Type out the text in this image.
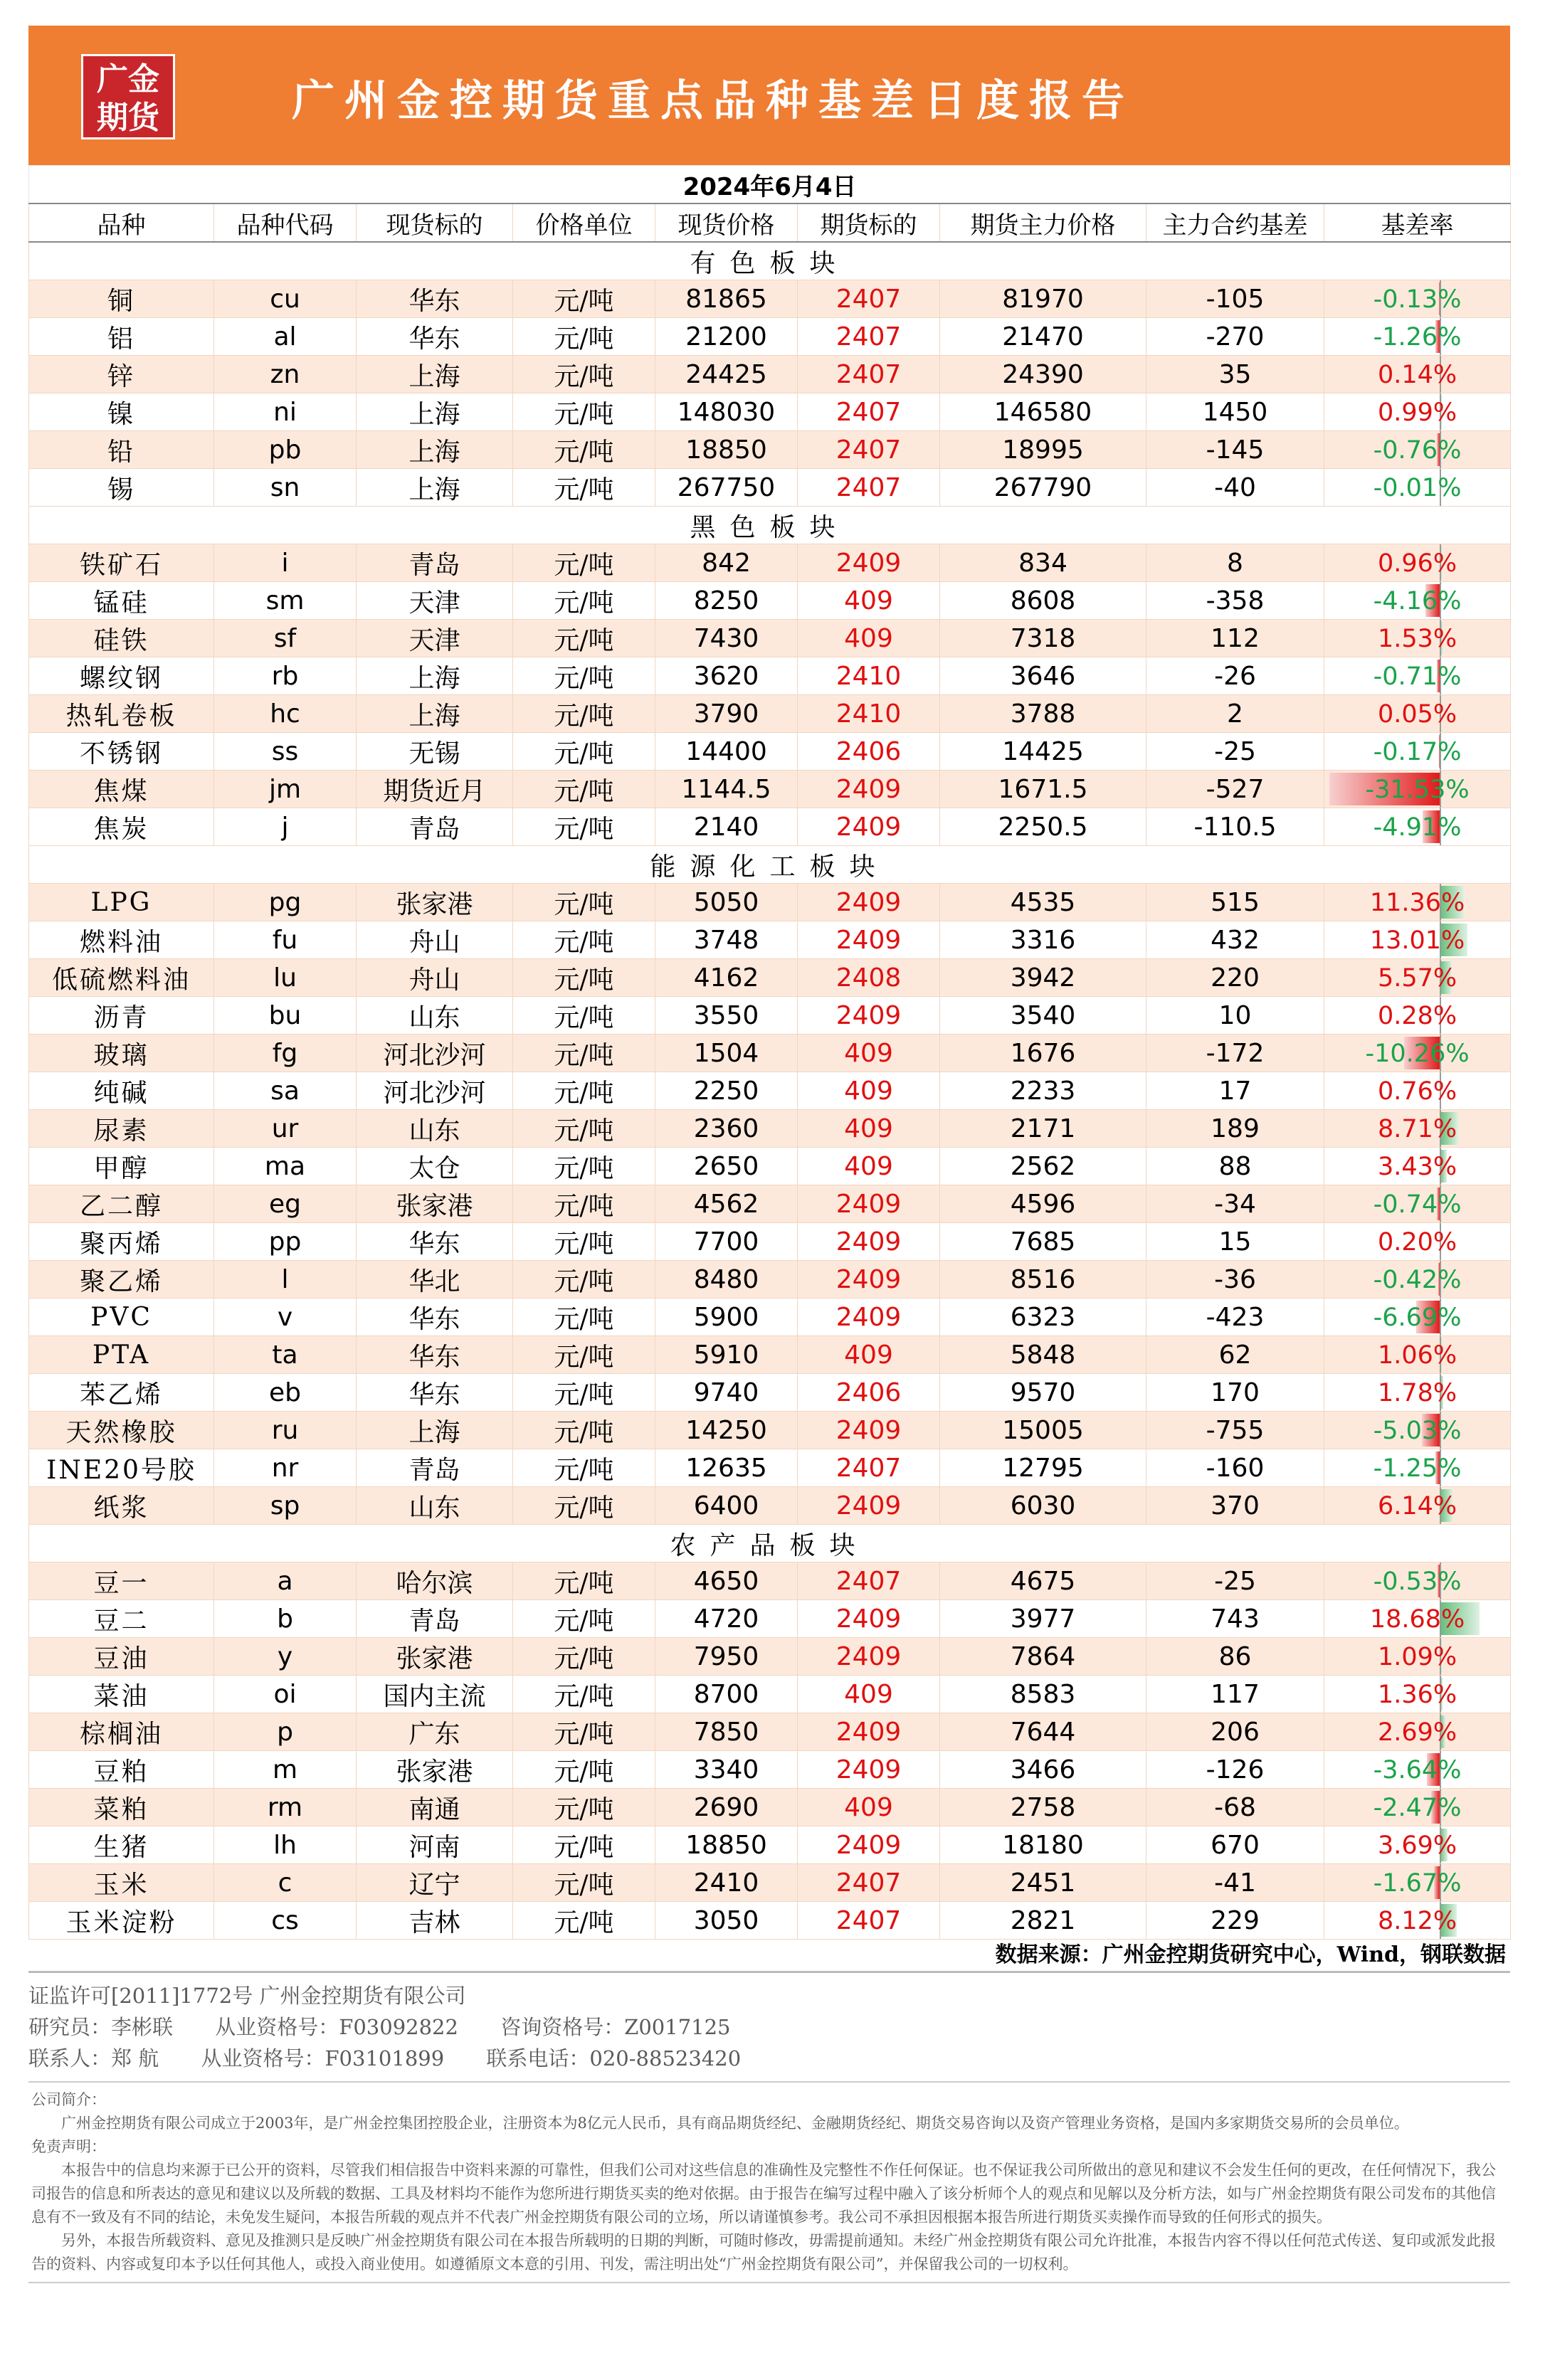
广金
期货	广州金控期货重点品种基差日度报告
2024年6月4日								
品种	品种代码	现货标的	价格单位	现货价格	期货标的	期货主力价格	主力合约基差	基差率
有色板块								
铜	cu	华东	元/吨	81865	2407	81970	-105	-0.13%
铝	al	华东	元/吨	21200	2407	21470	-270	-1.26%
锌	zn	上海	元/吨	24425	2407	24390	35	0.14%
镍	ni	上海	元/吨	148030	2407	146580	1450	0.99%
铅	pb	上海	元/吨	18850	2407	18995	-145	-0.76%
锡	sn	上海	元/吨	267750	2407	267790	-40	-0.01%
黑色板块								
铁矿石	i	青岛	元/吨	842	2409	834	8	0.96%
锰硅	sm	天津	元/吨	8250	409	8608	-358	-4.16%
硅铁	sf	天津	元/吨	7430	409	7318	112	1.53%
螺纹钢	rb	上海	元/吨	3620	2410	3646	-26	-0.71%
热轧卷板	hc	上海	元/吨	3790	2410	3788	2	0.05%
不锈钢	ss	无锡	元/吨	14400	2406	14425	-25	-0.17%
焦煤	jm	期货近月	元/吨	1144.5	2409	1671.5	-527	-31.53%
焦炭	j	青岛	元/吨	2140	2409	2250.5	-110.5	-4.91%
能源化工板块								
LPG	pg	张家港	元/吨	5050	2409	4535	515	11.36%
燃料油	fu	舟山	元/吨	3748	2409	3316	432	13.01%
低硫燃料油	lu	舟山	元/吨	4162	2408	3942	220	5.57%
沥青	bu	山东	元/吨	3550	2409	3540	10	0.28%
玻璃	fg	河北沙河	元/吨	1504	409	1676	-172	-10.26%
纯碱	sa	河北沙河	元/吨	2250	409	2233	17	0.76%
尿素	ur	山东	元/吨	2360	409	2171	189	8.71%
甲醇	ma	太仓	元/吨	2650	409	2562	88	3.43%
乙二醇	eg	张家港	元/吨	4562	2409	4596	-34	-0.74%
聚丙烯	pp	华东	元/吨	7700	2409	7685	15	0.20%
聚乙烯	l	华北	元/吨	8480	2409	8516	-36	-0.42%
PVC	v	华东	元/吨	5900	2409	6323	-423	-6.69%
PTA	ta	华东	元/吨	5910	409	5848	62	1.06%
苯乙烯	eb	华东	元/吨	9740	2406	9570	170	1.78%
天然橡胶	ru	上海	元/吨	14250	2409	15005	-755	-5.03%
INE20号胶	nr	青岛	元/吨	12635	2407	12795	-160	-1.25%
纸浆	sp	山东	元/吨	6400	2409	6030	370	6.14%
农产品板块								
豆一	a	哈尔滨	元/吨	4650	2407	4675	-25	-0.53%
豆二	b	青岛	元/吨	4720	2409	3977	743	18.68%
豆油	y	张家港	元/吨	7950	2409	7864	86	1.09%
菜油	oi	国内主流	元/吨	8700	409	8583	117	1.36%
棕榈油	p	广东	元/吨	7850	2409	7644	206	2.69%
豆粕	m	张家港	元/吨	3340	2409	3466	-126	-3.64%
菜粕	rm	南通	元/吨	2690	409	2758	-68	-2.47%
生猪	lh	河南	元/吨	18850	2409	18180	670	3.69%
玉米	c	辽宁	元/吨	2410	2407	2451	-41	-1.67%
玉米淀粉	cs	吉林	元/吨	3050	2407	2821	229	8.12%
数据来源：广州金控期货研究中心，Wind，钢联数据
证监许可[2011]1772号 广州金控期货有限公司
研究员：李彬联 从业资格号：F03092822 咨询资格号：Z0017125
联系人：郑 航 从业资格号：F03101899 联系电话：020-88523420

公司简介：

广州金控期货有限公司成立于2003年，是广州金控集团控股企业，注册资本为8亿元人民币，具有商品期货经纪、金融期货经纪、期货交易咨询以及资产管理业务资格，是国内多家期货交易所的会员单位。

免责声明：

本报告中的信息均来源于已公开的资料，尽管我们相信报告中资料来源的可靠性，但我们公司对这些信息的准确性及完整性不作任何保证。也不保证我公司所做出的意见和建议不会发生任何的更改，在任何情况下，我公司报告的信息和所表达的意见和建议以及所载的数据、工具及材料均不能作为您所进行期货买卖的绝对依据。由于报告在编写过程中融入了该分析师个人的观点和见解以及分析方法，如与广州金控期货有限公司发布的其他信息有不一致及有不同的结论，未免发生疑问，本报告所载的观点并不代表广州金控期货有限公司的立场，所以请谨慎参考。我公司不承担因根据本报告所进行期货买卖操作而导致的任何形式的损失。

另外，本报告所载资料、意见及推测只是反映广州金控期货有限公司在本报告所载明的日期的判断，可随时修改，毋需提前通知。未经广州金控期货有限公司允许批准，本报告内容不得以任何范式传送、复印或派发此报告的资料、内容或复印本予以任何其他人，或投入商业使用。如遵循原文本意的引用、刊发，需注明出处“广州金控期货有限公司”，并保留我公司的一切权利。
